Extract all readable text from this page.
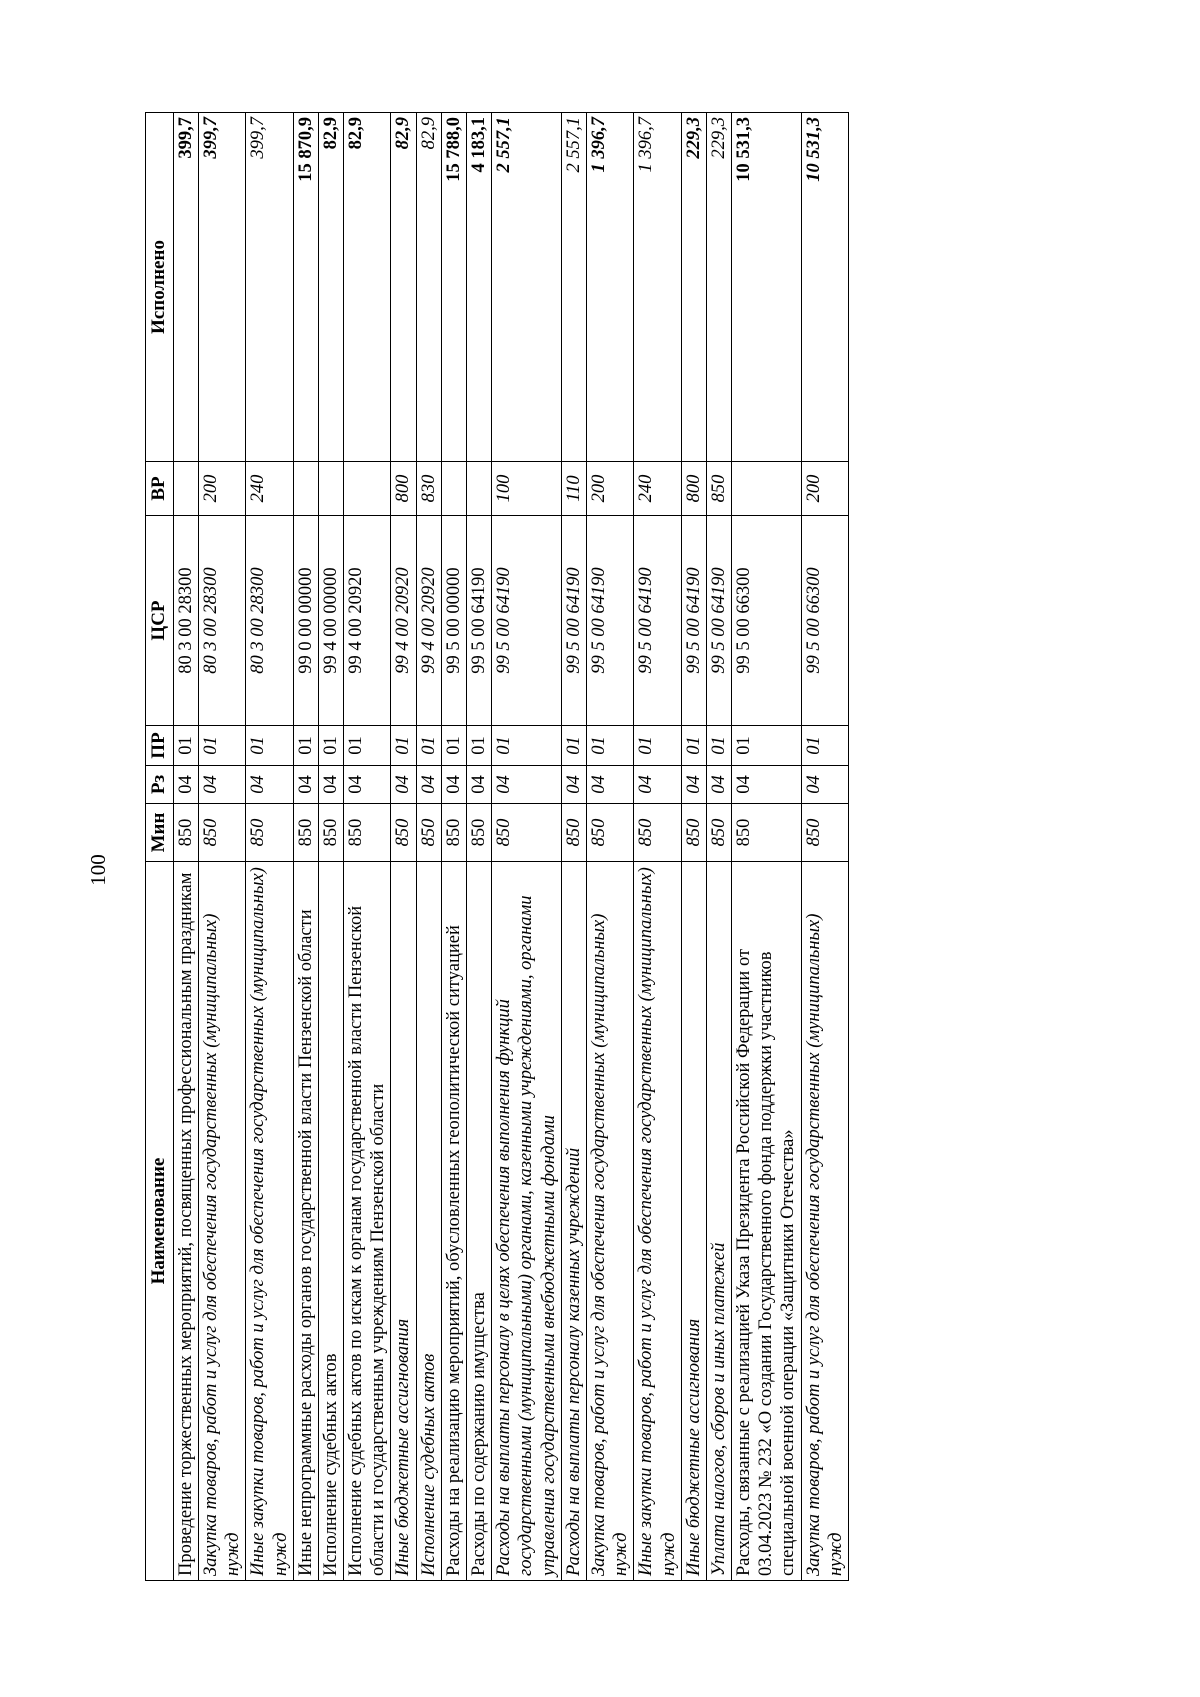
100
Наименование	Мин	Рз	ПР	ЦСР	ВР	Исполнено
Проведение торжественных мероприятий, посвященных профессиональным праздникам	850	04	01	80 3 00 28300		399,7
Закупка товаров, работ и услуг для обеспечения государственных (муниципальных) нужд	850	04	01	80 3 00 28300	200	399,7
Иные закупки товаров, работ и услуг для обеспечения государственных (муниципальных) нужд	850	04	01	80 3 00 28300	240	399,7
Иные непрограммные расходы органов государственной власти Пензенской области	850	04	01	99 0 00 00000		15 870,9
Исполнение судебных актов	850	04	01	99 4 00 00000		82,9
Исполнение судебных актов по искам к органам государственной власти Пензенской области и государственным учреждениям Пензенской области	850	04	01	99 4 00 20920		82,9
Иные бюджетные ассигнования	850	04	01	99 4 00 20920	800	82,9
Исполнение судебных актов	850	04	01	99 4 00 20920	830	82,9
Расходы на реализацию мероприятий, обусловленных геополитической ситуацией	850	04	01	99 5 00 00000		15 788,0
Расходы по содержанию имущества	850	04	01	99 5 00 64190		4 183,1
Расходы на выплаты персоналу в целях обеспечения выполнения функций государственными (муниципальными) органами, казенными учреждениями, органами управления государственными внебюджетными фондами	850	04	01	99 5 00 64190	100	2 557,1
Расходы на выплаты персоналу казенных учреждений	850	04	01	99 5 00 64190	110	2 557,1
Закупка товаров, работ и услуг для обеспечения государственных (муниципальных) нужд	850	04	01	99 5 00 64190	200	1 396,7
Иные закупки товаров, работ и услуг для обеспечения государственных (муниципальных) нужд	850	04	01	99 5 00 64190	240	1 396,7
Иные бюджетные ассигнования	850	04	01	99 5 00 64190	800	229,3
Уплата налогов, сборов и иных платежей	850	04	01	99 5 00 64190	850	229,3
Расходы, связанные с реализацией Указа Президента Российской Федерации от 03.04.2023 № 232 «О создании Государственного фонда поддержки участников специальной военной операции «Защитники Отечества»	850	04	01	99 5 00 66300		10 531,3
Закупка товаров, работ и услуг для обеспечения государственных (муниципальных) нужд	850	04	01	99 5 00 66300	200	10 531,3
